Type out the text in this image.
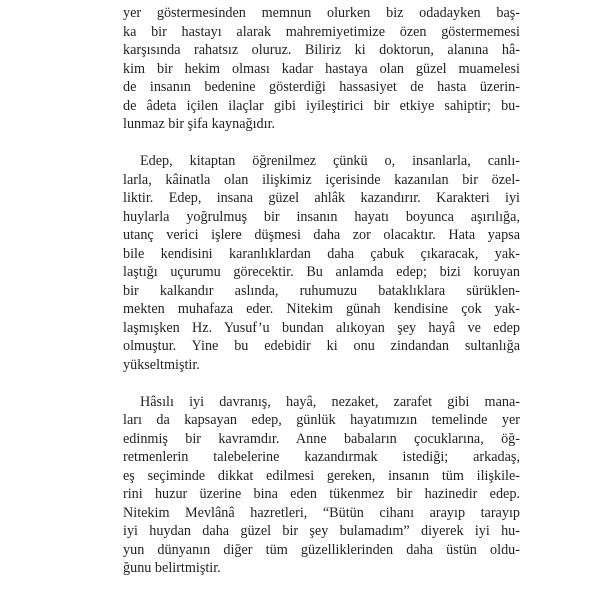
yer göstermesinden memnun olurken biz odadayken baş-
ka bir hastayı alarak mahremiyetimize özen göstermemesi
karşısında rahatsız oluruz. Biliriz ki doktorun, alanına hâ-
kim bir hekim olması kadar hastaya olan güzel muamelesi
de insanın bedenine gösterdiği hassasiyet de hasta üzerin-
de âdeta içilen ilaçlar gibi iyileştirici bir etkiye sahiptir; bu-
lunmaz bir şifa kaynağıdır.

Edep, kitaptan öğrenilmez çünkü o, insanlarla, canlı-
larla, kâinatla olan ilişkimiz içerisinde kazanılan bir özel-
liktir. Edep, insana güzel ahlâk kazandırır. Karakteri iyi
huylarla yoğrulmuş bir insanın hayatı boyunca aşırılığa,
utanç verici işlere düşmesi daha zor olacaktır. Hata yapsa
bile kendisini karanlıklardan daha çabuk çıkaracak, yak-
laştığı uçurumu görecektir. Bu anlamda edep; bizi koruyan
bir kalkandır aslında, ruhumuzu bataklıklara sürüklen-
mekten muhafaza eder. Nitekim günah kendisine çok yak-
laşmışken Hz. Yusuf’u bundan alıkoyan şey hayâ ve edep
olmuştur. Yine bu edebidir ki onu zindandan sultanlığa
yükseltmiştir.

Hâsılı iyi davranış, hayâ, nezaket, zarafet gibi mana-
ları da kapsayan edep, günlük hayatımızın temelinde yer
edinmiş bir kavramdır. Anne babaların çocuklarına, öğ-
retmenlerin talebelerine kazandırmak istediği; arkadaş,
eş seçiminde dikkat edilmesi gereken, insanın tüm ilişkile-
rini huzur üzerine bina eden tükenmez bir hazinedir edep.
Nitekim Mevlânâ hazretleri, “Bütün cihanı arayıp tarayıp
iyi huydan daha güzel bir şey bulamadım” diyerek iyi hu-
yun dünyanın diğer tüm güzelliklerinden daha üstün oldu-
ğunu belirtmiştir.
